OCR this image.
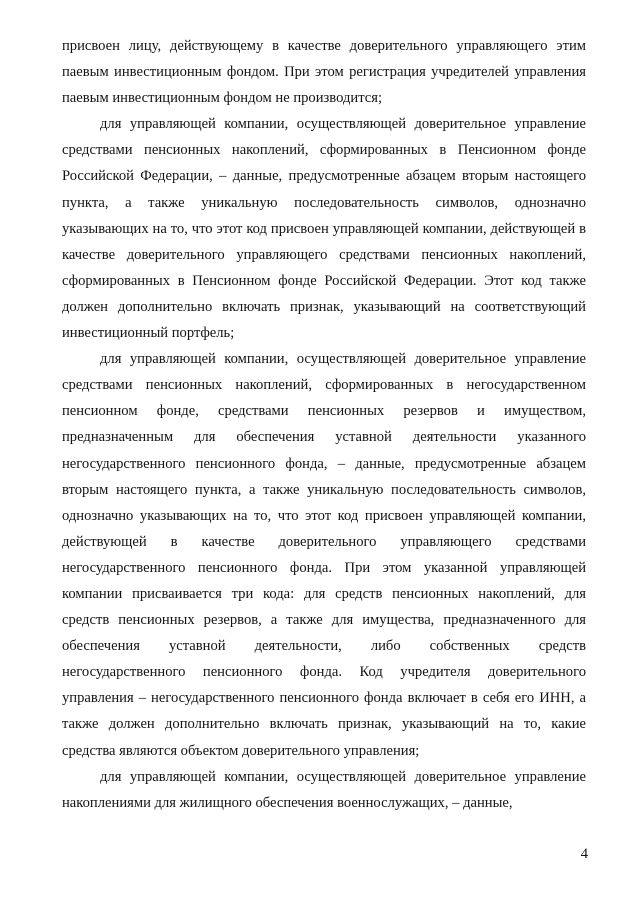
присвоен лицу, действующему в качестве доверительного управляющего этим паевым инвестиционным фондом. При этом регистрация учредителей управления паевым инвестиционным фондом не производится;

для управляющей компании, осуществляющей доверительное управление средствами пенсионных накоплений, сформированных в Пенсионном фонде Российской Федерации, – данные, предусмотренные абзацем вторым настоящего пункта, а также уникальную последовательность символов, однозначно указывающих на то, что этот код присвоен управляющей компании, действующей в качестве доверительного управляющего средствами пенсионных накоплений, сформированных в Пенсионном фонде Российской Федерации. Этот код также должен дополнительно включать признак, указывающий на соответствующий инвестиционный портфель;

для управляющей компании, осуществляющей доверительное управление средствами пенсионных накоплений, сформированных в негосударственном пенсионном фонде, средствами пенсионных резервов и имуществом, предназначенным для обеспечения уставной деятельности указанного негосударственного пенсионного фонда, – данные, предусмотренные абзацем вторым настоящего пункта, а также уникальную последовательность символов, однозначно указывающих на то, что этот код присвоен управляющей компании, действующей в качестве доверительного управляющего средствами негосударственного пенсионного фонда. При этом указанной управляющей компании присваивается три кода: для средств пенсионных накоплений, для средств пенсионных резервов, а также для имущества, предназначенного для обеспечения уставной деятельности, либо собственных средств негосударственного пенсионного фонда. Код учредителя доверительного управления – негосударственного пенсионного фонда включает в себя его ИНН, а также должен дополнительно включать признак, указывающий на то, какие средства являются объектом доверительного управления;

для управляющей компании, осуществляющей доверительное управление накоплениями для жилищного обеспечения военнослужащих, – данные,

4
